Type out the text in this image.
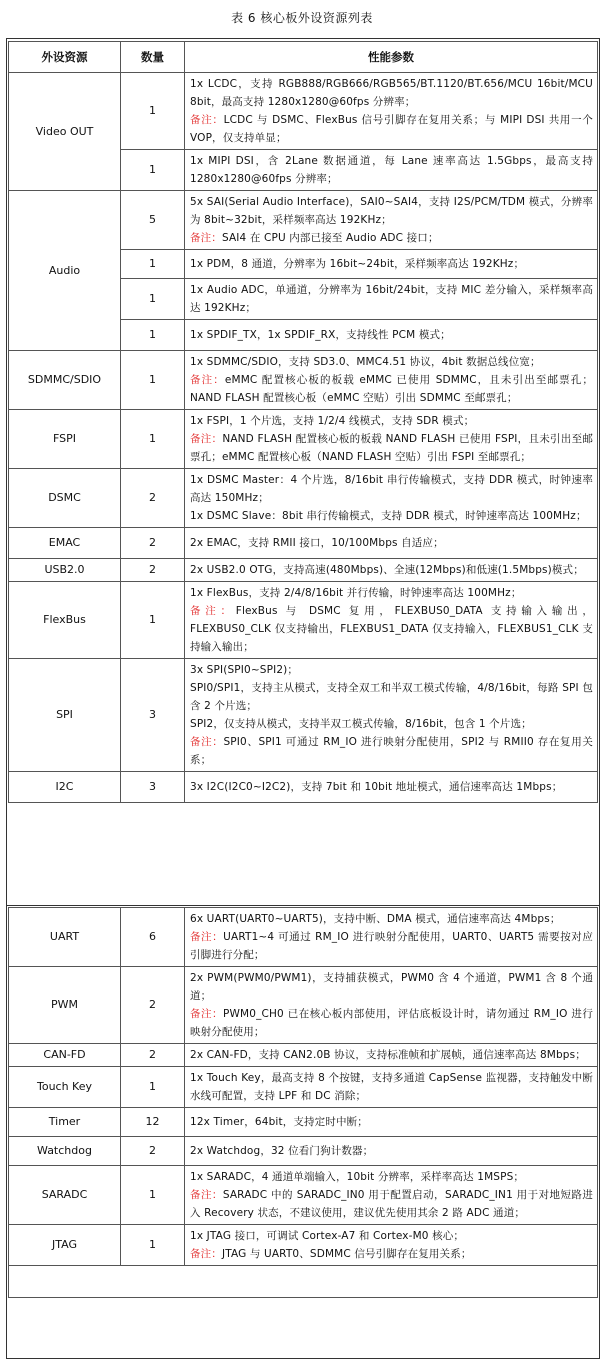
表 6 核心板外设资源列表
外设资源	数量	性能参数
Video OUT	1	1x LCDC，支持 RGB888/RGB666/RGB565/BT.1120/BT.656/MCU 16bit/MCU 8bit，最高支持 1280x1280@60fps 分辨率；

备注：LCDC 与 DSMC、FlexBus 信号引脚存在复用关系；与 MIPI DSI 共用一个 VOP，仅支持单显；

	1	1x MIPI DSI，含 2Lane 数据通道，每 Lane 速率高达 1.5Gbps，最高支持 1280x1280@60fps 分辨率；

Audio	5	5x SAI(Serial Audio Interface)，SAI0~SAI4，支持 I2S/PCM/TDM 模式，分辨率为 8bit~32bit，采样频率高达 192KHz；

备注：SAI4 在 CPU 内部已接至 Audio ADC 接口；

	1	1x PDM，8 通道，分辨率为 16bit~24bit，采样频率高达 192KHz；

	1	1x Audio ADC，单通道，分辨率为 16bit/24bit，支持 MIC 差分输入，采样频率高达 192KHz；

	1	1x SPDIF_TX，1x SPDIF_RX，支持线性 PCM 模式；

SDMMC/SDIO	1	1x SDMMC/SDIO，支持 SD3.0、MMC4.51 协议，4bit 数据总线位宽；

备注：eMMC 配置核心板的板载 eMMC 已使用 SDMMC，且未引出至邮票孔；NAND FLASH 配置核心板（eMMC 空贴）引出 SDMMC 至邮票孔；

FSPI	1	1x FSPI，1 个片选，支持 1/2/4 线模式，支持 SDR 模式；

备注：NAND FLASH 配置核心板的板载 NAND FLASH 已使用 FSPI，且未引出至邮票孔；eMMC 配置核心板（NAND FLASH 空贴）引出 FSPI 至邮票孔；

DSMC	2	1x DSMC Master：4 个片选，8/16bit 串行传输模式，支持 DDR 模式，时钟速率高达 150MHz；

1x DSMC Slave：8bit 串行传输模式，支持 DDR 模式，时钟速率高达 100MHz；

EMAC	2	2x EMAC，支持 RMII 接口，10/100Mbps 自适应；

USB2.0	2	2x USB2.0 OTG，支持高速(480Mbps)、全速(12Mbps)和低速(1.5Mbps)模式；

FlexBus	1	1x FlexBus，支持 2/4/8/16bit 并行传输，时钟速率高达 100MHz；

备注：FlexBus 与 DSMC 复用，FLEXBUS0_DATA 支持输入输出，FLEXBUS0_CLK 仅支持输出，FLEXBUS1_DATA 仅支持输入，FLEXBUS1_CLK 支持输入输出；

SPI	3	3x SPI(SPI0~SPI2)；

SPI0/SPI1，支持主从模式，支持全双工和半双工模式传输，4/8/16bit，每路 SPI 包含 2 个片选；

SPI2，仅支持从模式，支持半双工模式传输，8/16bit，包含 1 个片选；

备注：SPI0、SPI1 可通过 RM_IO 进行映射分配使用，SPI2 与 RMII0 存在复用关系；

I2C	3	3x I2C(I2C0~I2C2)，支持 7bit 和 10bit 地址模式，通信速率高达 1Mbps；

UART	6	6x UART(UART0~UART5)，支持中断、DMA 模式，通信速率高达 4Mbps；

备注：UART1~4 可通过 RM_IO 进行映射分配使用，UART0、UART5 需要按对应引脚进行分配；

PWM	2	2x PWM(PWM0/PWM1)，支持捕获模式，PWM0 含 4 个通道，PWM1 含 8 个通道；

备注：PWM0_CH0 已在核心板内部使用，评估底板设计时，请勿通过 RM_IO 进行映射分配使用；

CAN-FD	2	2x CAN-FD，支持 CAN2.0B 协议，支持标准帧和扩展帧，通信速率高达 8Mbps；

Touch Key	1	1x Touch Key，最高支持 8 个按键，支持多通道 CapSense 监视器，支持触发中断水线可配置，支持 LPF 和 DC 消除；

Timer	12	12x Timer，64bit，支持定时中断；

Watchdog	2	2x Watchdog，32 位看门狗计数器；

SARADC	1	1x SARADC，4 通道单端输入，10bit 分辨率，采样率高达 1MSPS；

备注：SARADC 中的 SARADC_IN0 用于配置启动，SARADC_IN1 用于对地短路进入 Recovery 状态，不建议使用，建议优先使用其余 2 路 ADC 通道；

JTAG	1	1x JTAG 接口，可调试 Cortex-A7 和 Cortex-M0 核心；

备注：JTAG 与 UART0、SDMMC 信号引脚存在复用关系；
